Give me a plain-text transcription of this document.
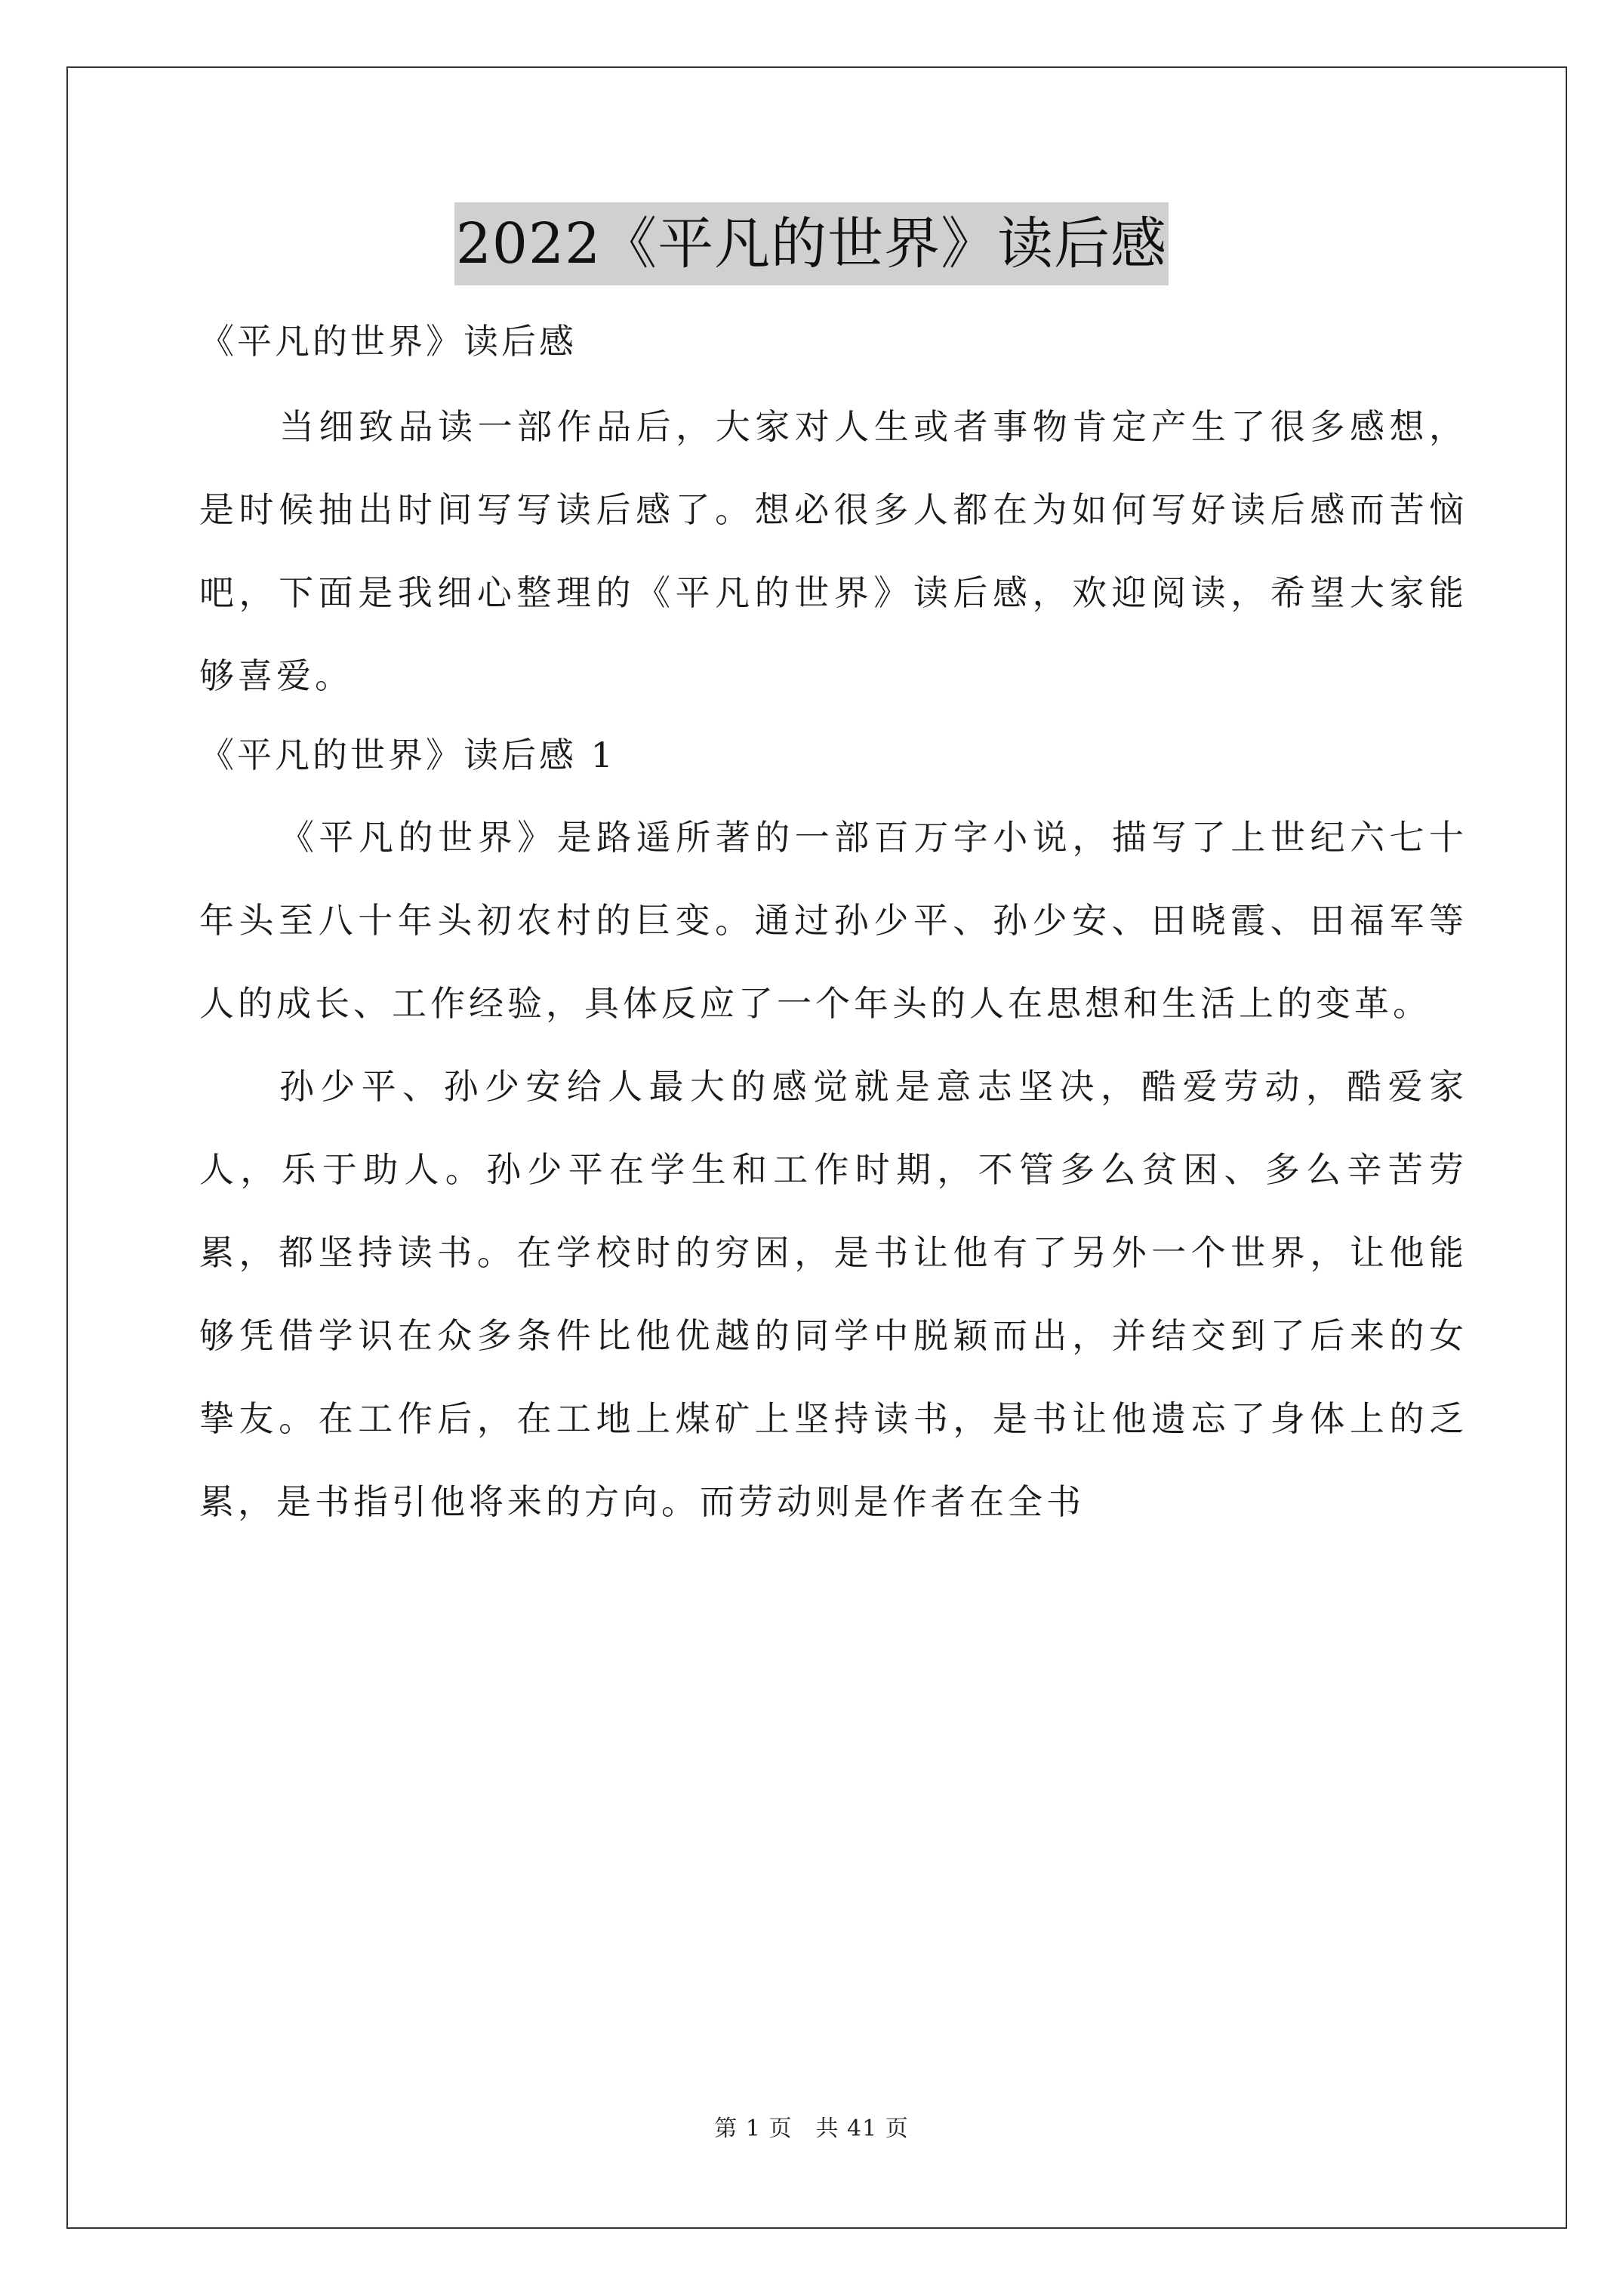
2022《平凡的世界》读后感

《平凡的世界》读后感

当细致品读一部作品后，大家对人生或者事物肯定产生了很多感想，是时候抽出时间写写读后感了。想必很多人都在为如何写好读后感而苦恼吧，下面是我细心整理的《平凡的世界》读后感，欢迎阅读，希望大家能够喜爱。

《平凡的世界》读后感 1

《平凡的世界》是路遥所著的一部百万字小说，描写了上世纪六七十年头至八十年头初农村的巨变。通过孙少平、孙少安、田晓霞、田福军等人的成长、工作经验，具体反应了一个年头的人在思想和生活上的变革。

孙少平、孙少安给人最大的感觉就是意志坚决，酷爱劳动，酷爱家人，乐于助人。孙少平在学生和工作时期，不管多么贫困、多么辛苦劳累，都坚持读书。在学校时的穷困，是书让他有了另外一个世界，让他能够凭借学识在众多条件比他优越的同学中脱颖而出，并结交到了后来的女挚友。在工作后，在工地上煤矿上坚持读书，是书让他遗忘了身体上的乏累，是书指引他将来的方向。而劳动则是作者在全书

第 1 页　共 41 页
